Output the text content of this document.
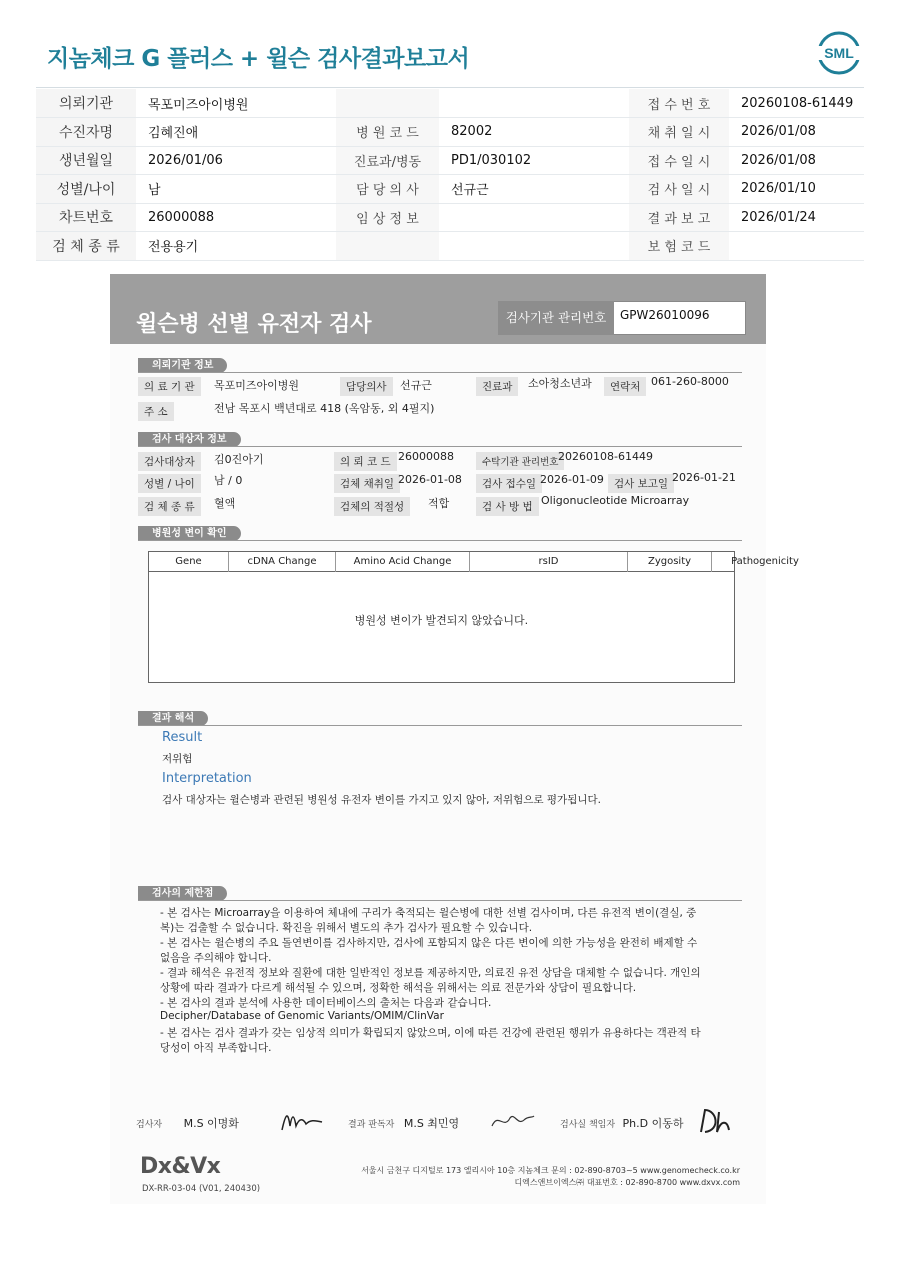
지놈체크 G 플러스 + 윌슨 검사결과보고서	SML
의뢰기관	목포미즈아이병원			접 수 번 호	20260108-61449
수진자명	김혜진애	병 원 코 드	82002	채 취 일 시	2026/01/08
생년월일	2026/01/06	진료과/병동	PD1/030102	접 수 일 시	2026/01/08
성별/나이	남	담 당 의 사	선규근	검 사 일 시	2026/01/10
차트번호	26000088	임 상 정 보		결 과 보 고	2026/01/24
검 체 종 류	전용용기			보 험 코 드	
윌슨병 선별 유전자 검사	검사기관 관리번호	GPW26010096
의뢰기관 정보
의 료 기 관	목포미즈아이병원	담당의사	선규근	진료과	소아청소년과	연락처 061-260-8000
주 소	전남 목포시 백년대로 418 (옥암동, 외 4필지)
검사 대상자 정보
검사대상자	김0진아기	의 뢰 코 드 26000088	수탁기관 관리번호 20260108-61449
성별 / 나이	남 / 0	검체 채취일 2026-01-08	검사 접수일 2026-01-09 검사 보고일 2026-01-21
검 체 종 류	혈액	검체의 적절성	적합	검 사 방 법 Oligonucleotide Microarray
병원성 변이 확인
Gene	cDNA Change	Amino Acid Change	rsID	Zygosity	Pathogenicity
병원성 변이가 발견되지 않았습니다.
결과 해석
Result
저위험
Interpretation
검사 대상자는 윌슨병과 관련된 병원성 유전자 변이를 가지고 있지 않아, 저위험으로 평가됩니다.
검사의 제한점
- 본 검사는 Microarray을 이용하여 체내에 구리가 축적되는 윌슨병에 대한 선별 검사이며, 다른 유전적 변이(결실, 중
복)는 검출할 수 없습니다. 확진을 위해서 별도의 추가 검사가 필요할 수 있습니다.
- 본 검사는 윌슨병의 주요 돌연변이를 검사하지만, 검사에 포함되지 않은 다른 변이에 의한 가능성을 완전히 배제할 수
없음을 주의해야 합니다.
- 결과 해석은 유전적 정보와 질환에 대한 일반적인 정보를 제공하지만, 의료진 유전 상담을 대체할 수 없습니다. 개인의
상황에 따라 결과가 다르게 해석될 수 있으며, 정확한 해석을 위해서는 의료 전문가와 상담이 필요합니다.
- 본 검사의 결과 분석에 사용한 데이터베이스의 출처는 다음과 같습니다.
Decipher/Database of Genomic Variants/OMIM/ClinVar
- 본 검사는 검사 결과가 갖는 임상적 의미가 확립되지 않았으며, 이에 따른 건강에 관련된 행위가 유용하다는 객관적 타
당성이 아직 부족합니다.
검사자 M.S 이명화	결과 판독자 M.S 최민영	검사실 책임자 Ph.D 이동하
Dx&Vx
DX-RR-03-04 (V01, 240430)
서울시 금천구 디지털로 173 엘리시아 10층 지놈체크 문의 : 02-890-8703~5 www.genomecheck.co.kr
디엑스앤브이엑스㈜ 대표번호 : 02-890-8700 www.dxvx.com
